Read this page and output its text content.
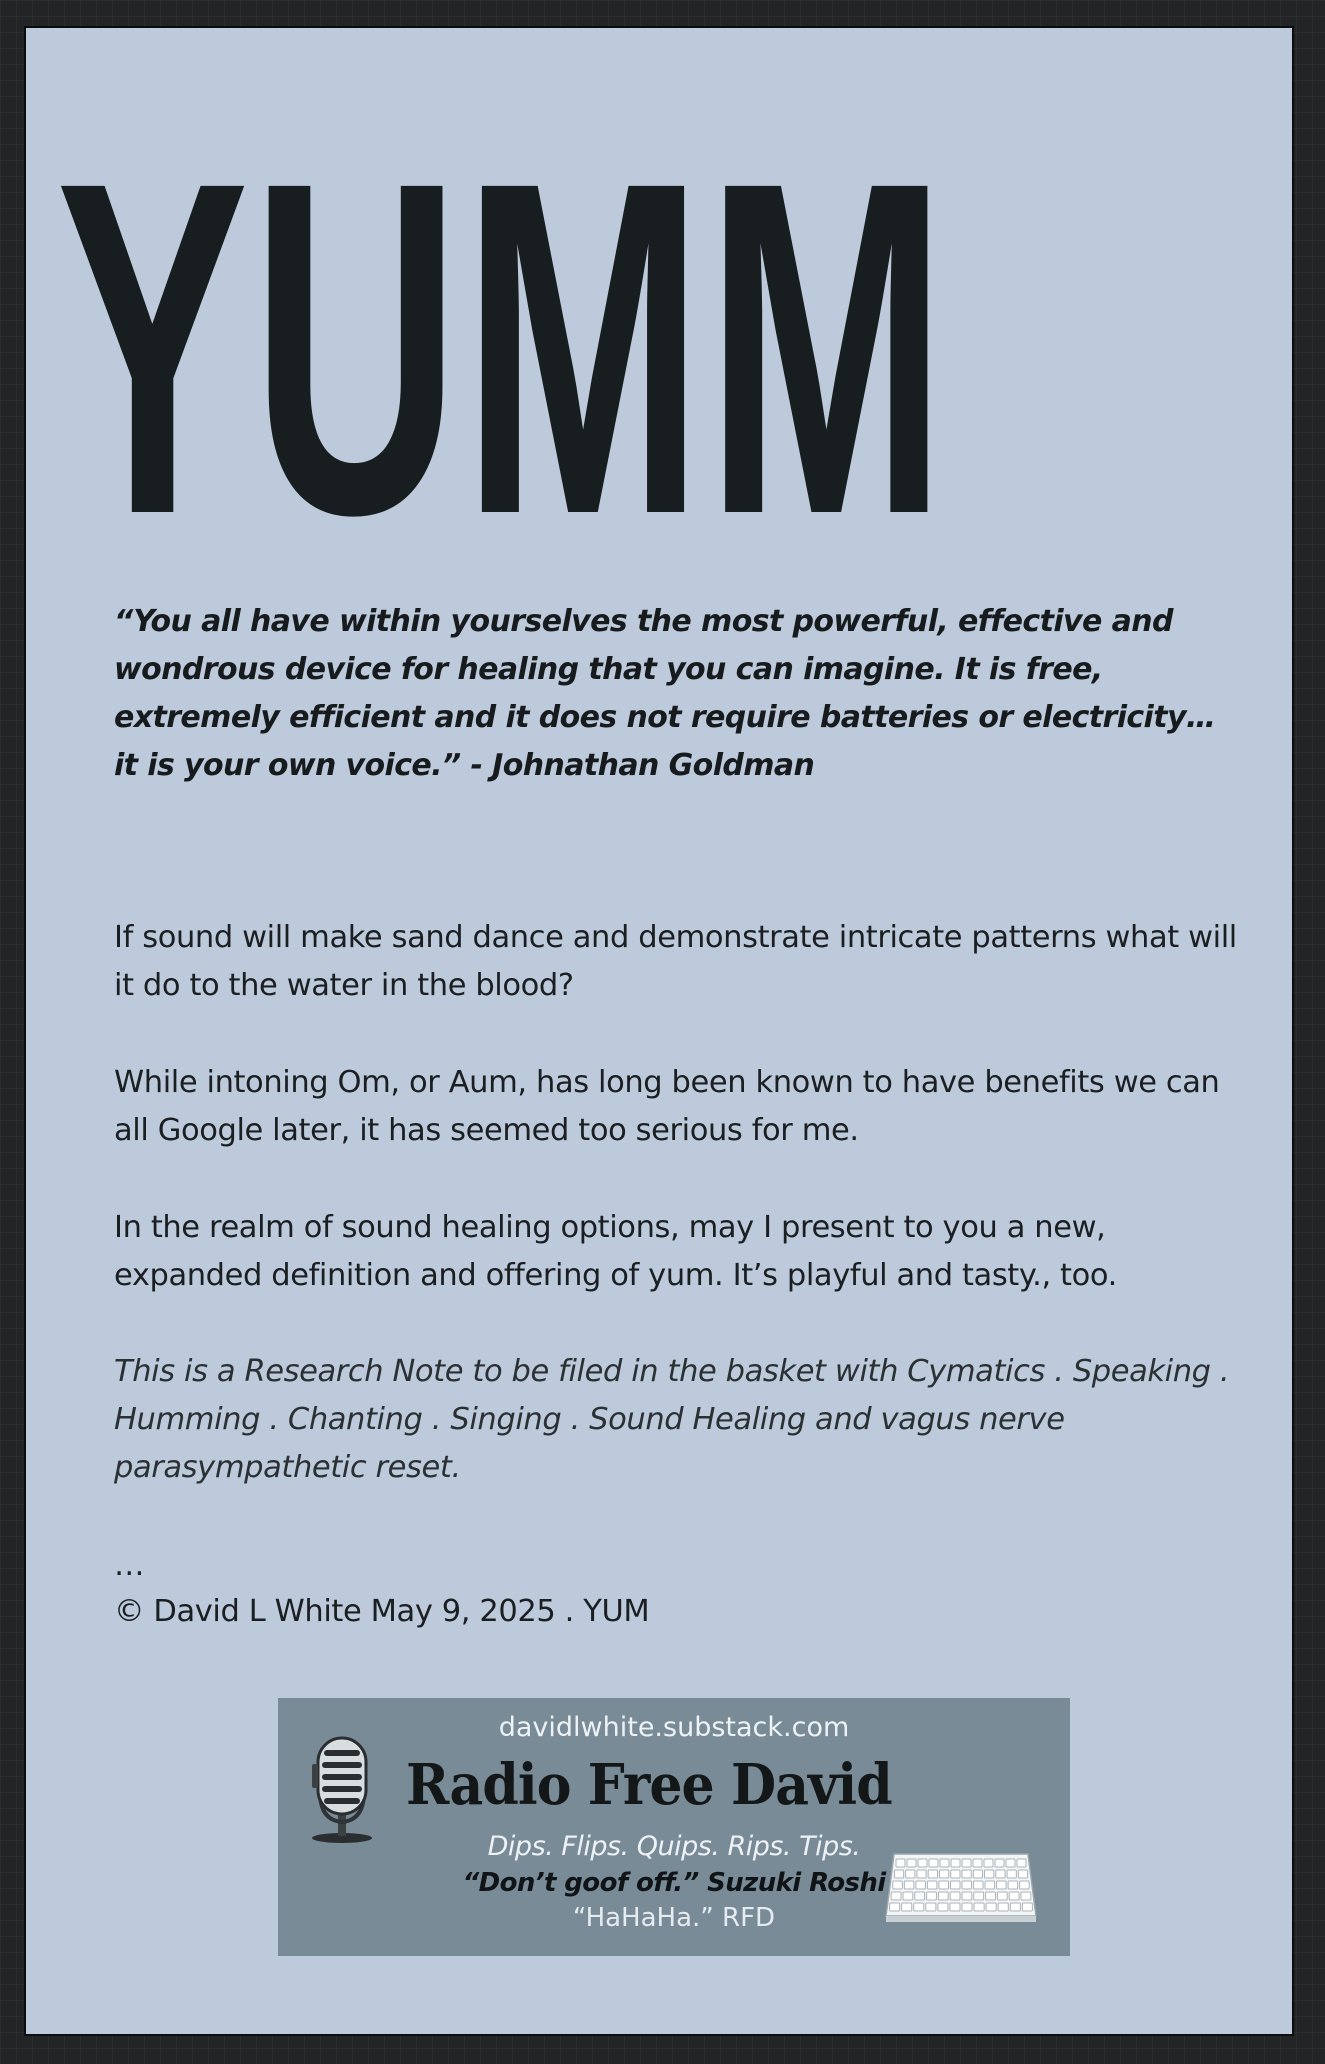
YUMM

“You all have within yourselves the most powerful, effective and wondrous device for healing that you can imagine. It is free, extremely efficient and it does not require batteries or electricity…it is your own voice.” - Johnathan Goldman

If sound will make sand dance and demonstrate intricate patterns what will it do to the water in the blood?

While intoning Om, or Aum, has long been known to have benefits we can all Google later, it has seemed too serious for me.

In the realm of sound healing options, may I present to you a new, expanded definition and offering of yum. It’s playful and tasty., too.

This is a Research Note to be filed in the basket with Cymatics . Speaking . Humming . Chanting . Singing . Sound Healing and vagus nerve parasympathetic reset.

…

© David L White May 9, 2025 . YUM

davidlwhite.substack.com
Radio Free David
Dips. Flips. Quips. Rips. Tips.
“Don’t goof off.” Suzuki Roshi
“HaHaHa.” RFD
